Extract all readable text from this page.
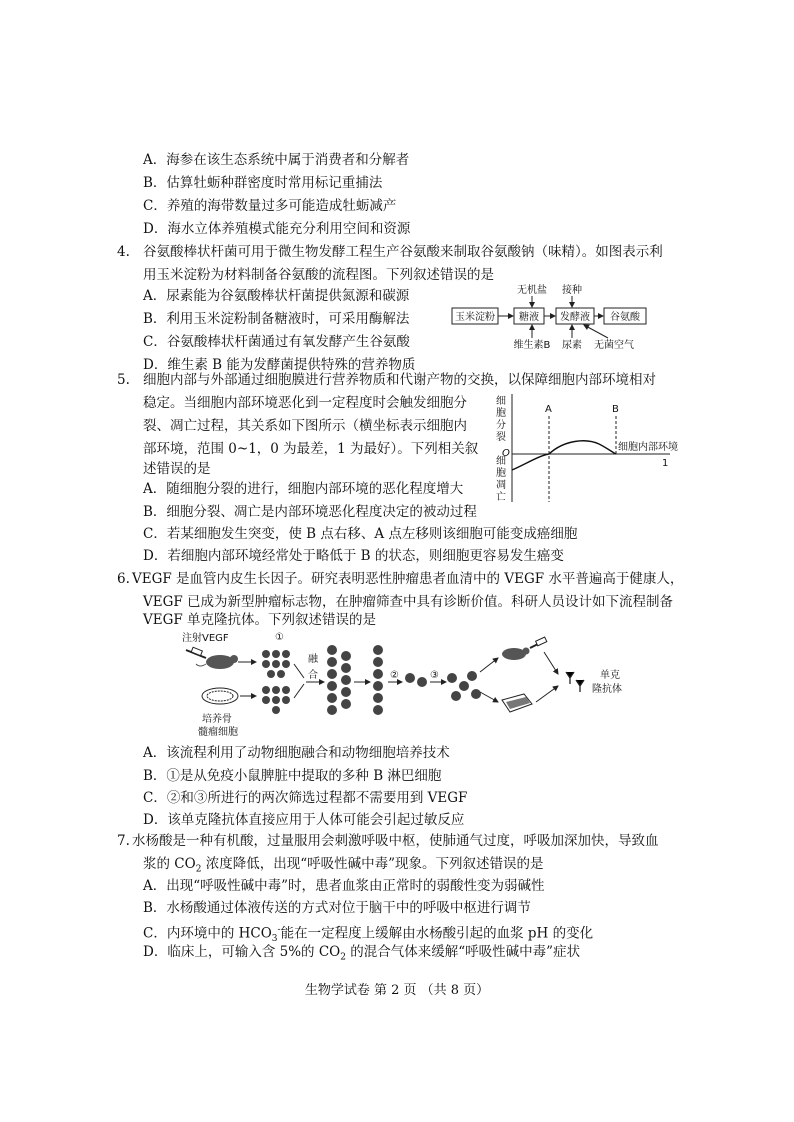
A．海参在该生态系统中属于消费者和分解者
B．估算牡蛎种群密度时常用标记重捕法
C．养殖的海带数量过多可能造成牡蛎减产
D．海水立体养殖模式能充分利用空间和资源
4. 谷氨酸棒状杆菌可用于微生物发酵工程生产谷氨酸来制取谷氨酸钠（味精）。如图表示利
用玉米淀粉为材料制备谷氨酸的流程图。下列叙述错误的是
A．尿素能为谷氨酸棒状杆菌提供氮源和碳源
B．利用玉米淀粉制备糖液时，可采用酶解法
C．谷氨酸棒状杆菌通过有氧发酵产生谷氨酸
D．维生素 B 能为发酵菌提供特殊的营养物质
玉米淀粉 糖液 发酵液 谷氨酸
无机盐 接种
维生素B 尿素 无菌空气
5. 细胞内部与外部通过细胞膜进行营养物质和代谢产物的交换，以保障细胞内部环境相对
稳定。当细胞内部环境恶化到一定程度时会触发细胞分
裂、凋亡过程，其关系如下图所示（横坐标表示细胞内
部环境，范围 0~1，0 为最差，1 为最好）。下列相关叙
述错误的是
A．随细胞分裂的进行，细胞内部环境的恶化程度增大
B．细胞分裂、凋亡是内部环境恶化程度决定的被动过程
C．若某细胞发生突变，使 B 点右移、A 点左移则该细胞可能变成癌细胞
D．若细胞内部环境经常处于略低于 B 的状态，则细胞更容易发生癌变
细
胞
分
裂
细
胞
凋
亡
O
A	B
细胞内部环境
1
6. VEGF 是血管内皮生长因子。研究表明恶性肿瘤患者血清中的 VEGF 水平普遍高于健康人，
VEGF 已成为新型肿瘤标志物，在肿瘤筛查中具有诊断价值。科研人员设计如下流程制备
VEGF 单克隆抗体。下列叙述错误的是
注射VEGF	①
培养骨
髓瘤细胞
融
合	②	③	单克
隆抗体
A．该流程利用了动物细胞融合和动物细胞培养技术
B．①是从免疫小鼠脾脏中提取的多种 B 淋巴细胞
C．②和③所进行的两次筛选过程都不需要用到 VEGF
D．该单克隆抗体直接应用于人体可能会引起过敏反应
7. 水杨酸是一种有机酸，过量服用会刺激呼吸中枢，使肺通气过度，呼吸加深加快，导致血
浆的 $CO_2$ 浓度降低，出现“呼吸性碱中毒”现象。下列叙述错误的是
A．出现“呼吸性碱中毒”时，患者血浆由正常时的弱酸性变为弱碱性
B．水杨酸通过体液传送的方式对位于脑干中的呼吸中枢进行调节
C．内环境中的 $HCO_3^-$能在一定程度上缓解由水杨酸引起的血浆 pH 的变化
D．临床上，可输入含 5%的 $CO_2$ 的混合气体来缓解“呼吸性碱中毒”症状
生物学试卷 第 2 页 （共 8 页）
